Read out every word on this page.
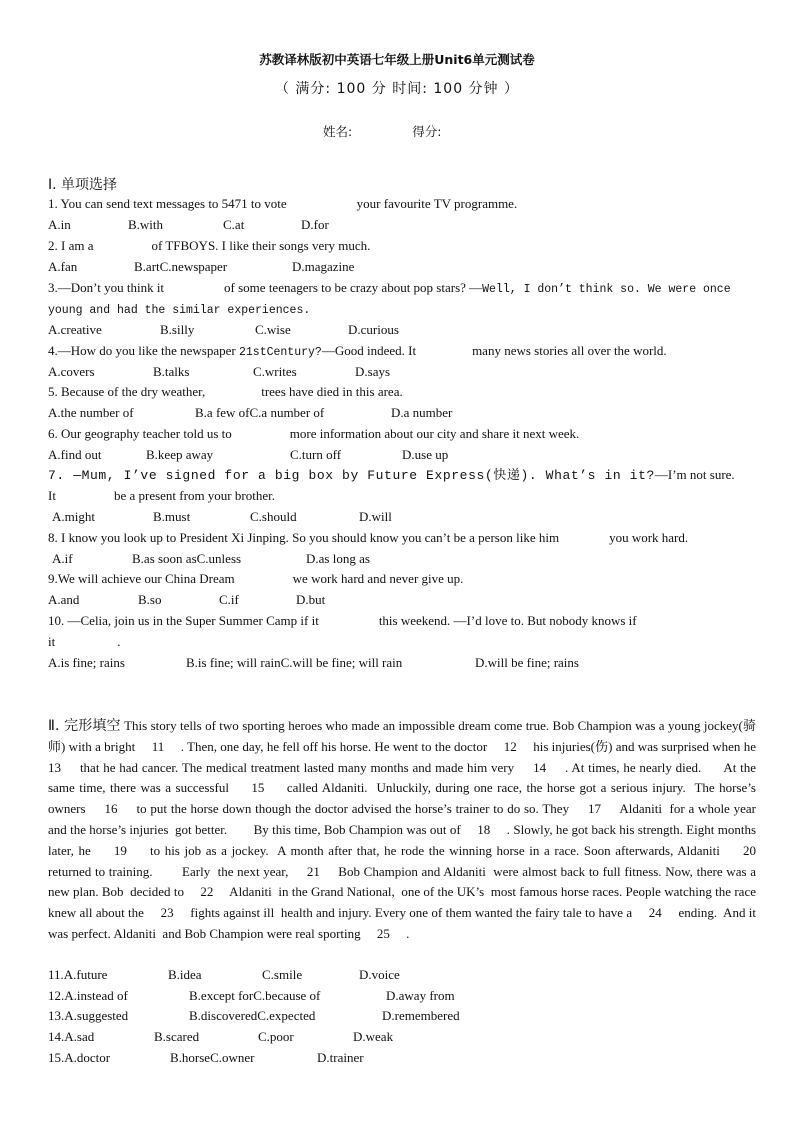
苏教译林版初中英语七年级上册Unit6单元测试卷
（ 满分: 100 分 时间: 100 分钟 ）
姓名:	得分:
Ⅰ. 单项选择
1. You can send text messages to 5471 to vote	your favourite TV programme.
A.in	B.with	C.at	D.for
2. I am a	of TFBOYS. I like their songs very much.
A.fan	B.artC.newspaper	D.magazine
3.—Don’t you think it	of some teenagers to be crazy about pop stars? —Well, I don’t think so. We were once
young and had the similar experiences.
A.creative	B.silly	C.wise	D.curious
4.—How do you like the newspaper 21stCentury?—Good indeed. It	many news stories all over the world.
A.covers	B.talks	C.writes	D.says
5. Because of the dry weather,	trees have died in this area.
A.the number of	B.a few ofC.a number of	D.a number
6. Our geography teacher told us to	more information about our city and share it next week.
A.find out	B.keep away	C.turn off	D.use up
7. —Mum, I’ve signed for a big box by Future Express(快递). What’s in it?—I’m not sure.
It	be a present from your brother.
A.might	B.must	C.should	D.will
8. I know you look up to President Xi Jinping. So you should know you can’t be a person like him	you work hard.
A.if	B.as soon asC.unless	D.as long as
9.We will achieve our China Dream	we work hard and never give up.
A.and	B.so	C.if	D.but
10. —Celia, join us in the Super Summer Camp if it	this weekend. —I’d love to. But nobody knows if
it	.
A.is fine; rains	B.is fine; will rainC.will be fine; will rain	D.will be fine; rains
Ⅱ. 完形填空 This story tells of two sporting heroes who made an impossible dream come true. Bob Champion was a young jockey(骑师) with a bright     11     . Then, one day, he fell off his horse. He went to the doctor     12     his injuries(伤) and was surprised when he     13     that he had cancer. The medical treatment lasted many months and made him very     14     . At times, he nearly died.      At the same time, there was a successful     15     called Aldaniti.  Unluckily, during one race, the horse got a serious injury.  The horse’s owners     16     to put the horse down though the doctor advised the horse’s trainer to do so. They     17     Aldaniti  for a whole year and the horse’s injuries  got better.        By this time, Bob Champion was out of     18     . Slowly, he got back his strength. Eight months later, he     19     to his job as a jockey.  A month after that, he rode the winning horse in a race. Soon afterwards, Aldaniti     20     returned to training.        Early  the next year,     21     Bob Champion and Aldaniti  were almost back to full fitness. Now, there was a new plan. Bob  decided to     22     Aldaniti  in the Grand National,  one of the UK’s  most famous horse races. People watching the race knew all about the     23     fights against ill  health and injury. Every one of them wanted the fairy tale to have a     24     ending.  And it was perfect. Aldaniti  and Bob Champion were real sporting     25     .
11.A.future	B.idea	C.smile	D.voice
12.A.instead of	B.except forC.because of	D.away from
13.A.suggested	B.discoveredC.expected	D.remembered
14.A.sad	B.scared	C.poor	D.weak
15.A.doctor	B.horseC.owner	D.trainer
